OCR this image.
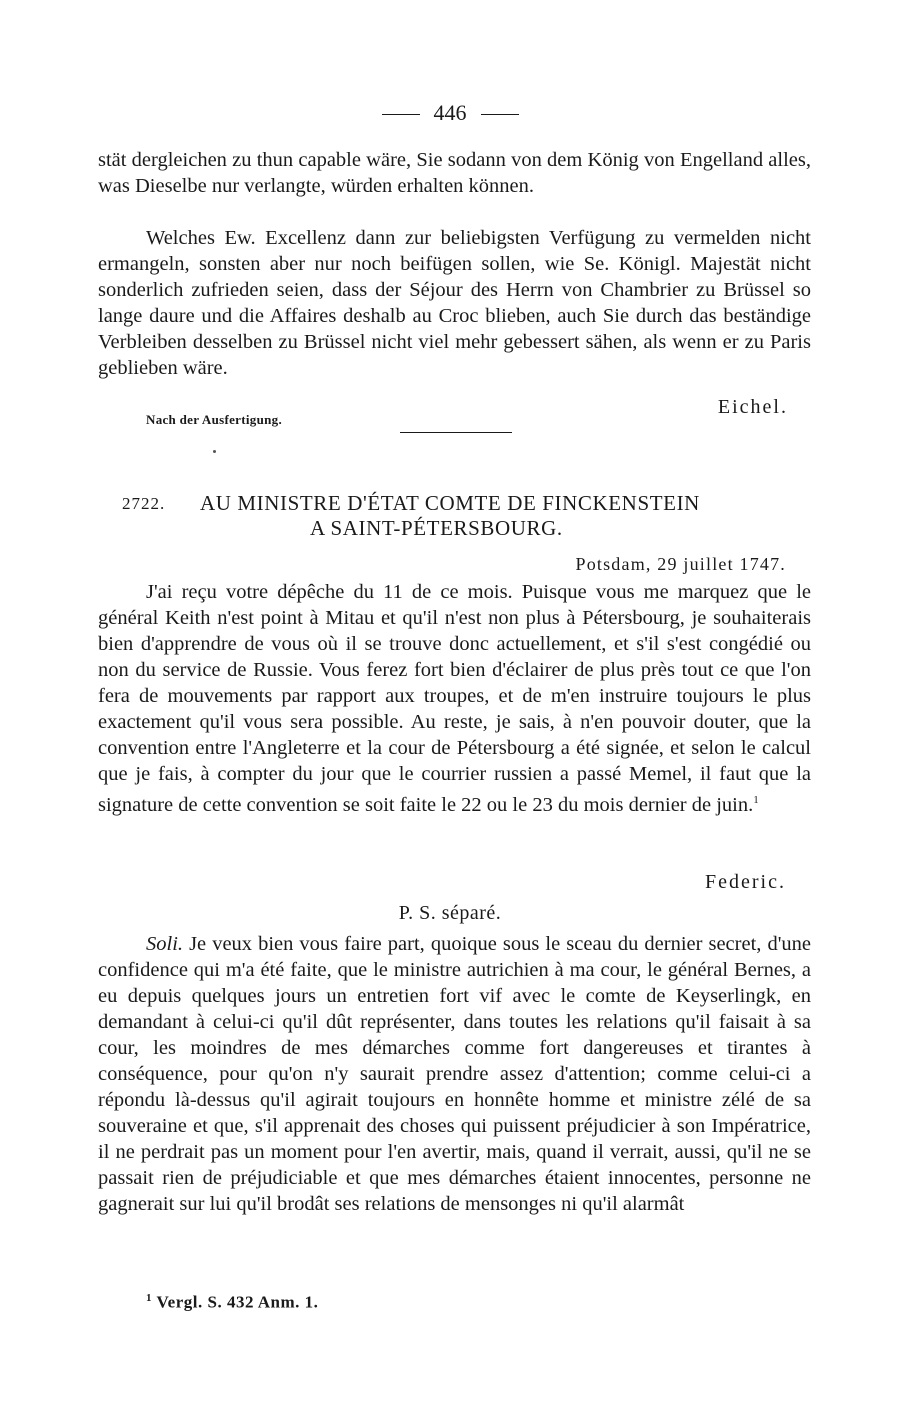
446

stät dergleichen zu thun capable wäre, Sie sodann von dem König von Engelland alles, was Dieselbe nur verlangte, würden erhalten können.

Welches Ew. Excellenz dann zur beliebigsten Verfügung zu vermelden nicht ermangeln, sonsten aber nur noch beifügen sollen, wie Se. Königl. Majestät nicht sonderlich zufrieden seien, dass der Séjour des Herrn von Chambrier zu Brüssel so lange daure und die Affaires deshalb au Croc blieben, auch Sie durch das beständige Verbleiben desselben zu Brüssel nicht viel mehr gebessert sähen, als wenn er zu Paris geblieben wäre.

Eichel.
Nach der Ausfertigung.
2722. AU MINISTRE D'ÉTAT COMTE DE FINCKENSTEIN
A SAINT-PÉTERSBOURG.
Potsdam, 29 juillet 1747.

J'ai reçu votre dépêche du 11 de ce mois. Puisque vous me marquez que le général Keith n'est point à Mitau et qu'il n'est non plus à Pétersbourg, je souhaiterais bien d'apprendre de vous où il se trouve donc actuellement, et s'il s'est congédié ou non du service de Russie. Vous ferez fort bien d'éclairer de plus près tout ce que l'on fera de mouvements par rapport aux troupes, et de m'en instruire toujours le plus exactement qu'il vous sera possible. Au reste, je sais, à n'en pouvoir douter, que la convention entre l'Angleterre et la cour de Pétersbourg a été signée, et selon le calcul que je fais, à compter du jour que le courrier russien a passé Memel, il faut que la signature de cette convention se soit faite le 22 ou le 23 du mois dernier de juin.$^1$

Federic.
P. S. séparé.

Soli. Je veux bien vous faire part, quoique sous le sceau du dernier secret, d'une confidence qui m'a été faite, que le ministre autrichien à ma cour, le général Bernes, a eu depuis quelques jours un entretien fort vif avec le comte de Keyserlingk, en demandant à celui-ci qu'il dût représenter, dans toutes les relations qu'il faisait à sa cour, les moindres de mes démarches comme fort dangereuses et tirantes à conséquence, pour qu'on n'y saurait prendre assez d'attention; comme celui-ci a répondu là-dessus qu'il agirait toujours en honnête homme et ministre zélé de sa souveraine et que, s'il apprenait des choses qui puissent préjudicier à son Impératrice, il ne perdrait pas un moment pour l'en avertir, mais, quand il verrait, aussi, qu'il ne se passait rien de préjudiciable et que mes démarches étaient innocentes, personne ne gagnerait sur lui qu'il brodât ses relations de mensonges ni qu'il alarmât

$^1$ Vergl. S. 432 Anm. 1.
